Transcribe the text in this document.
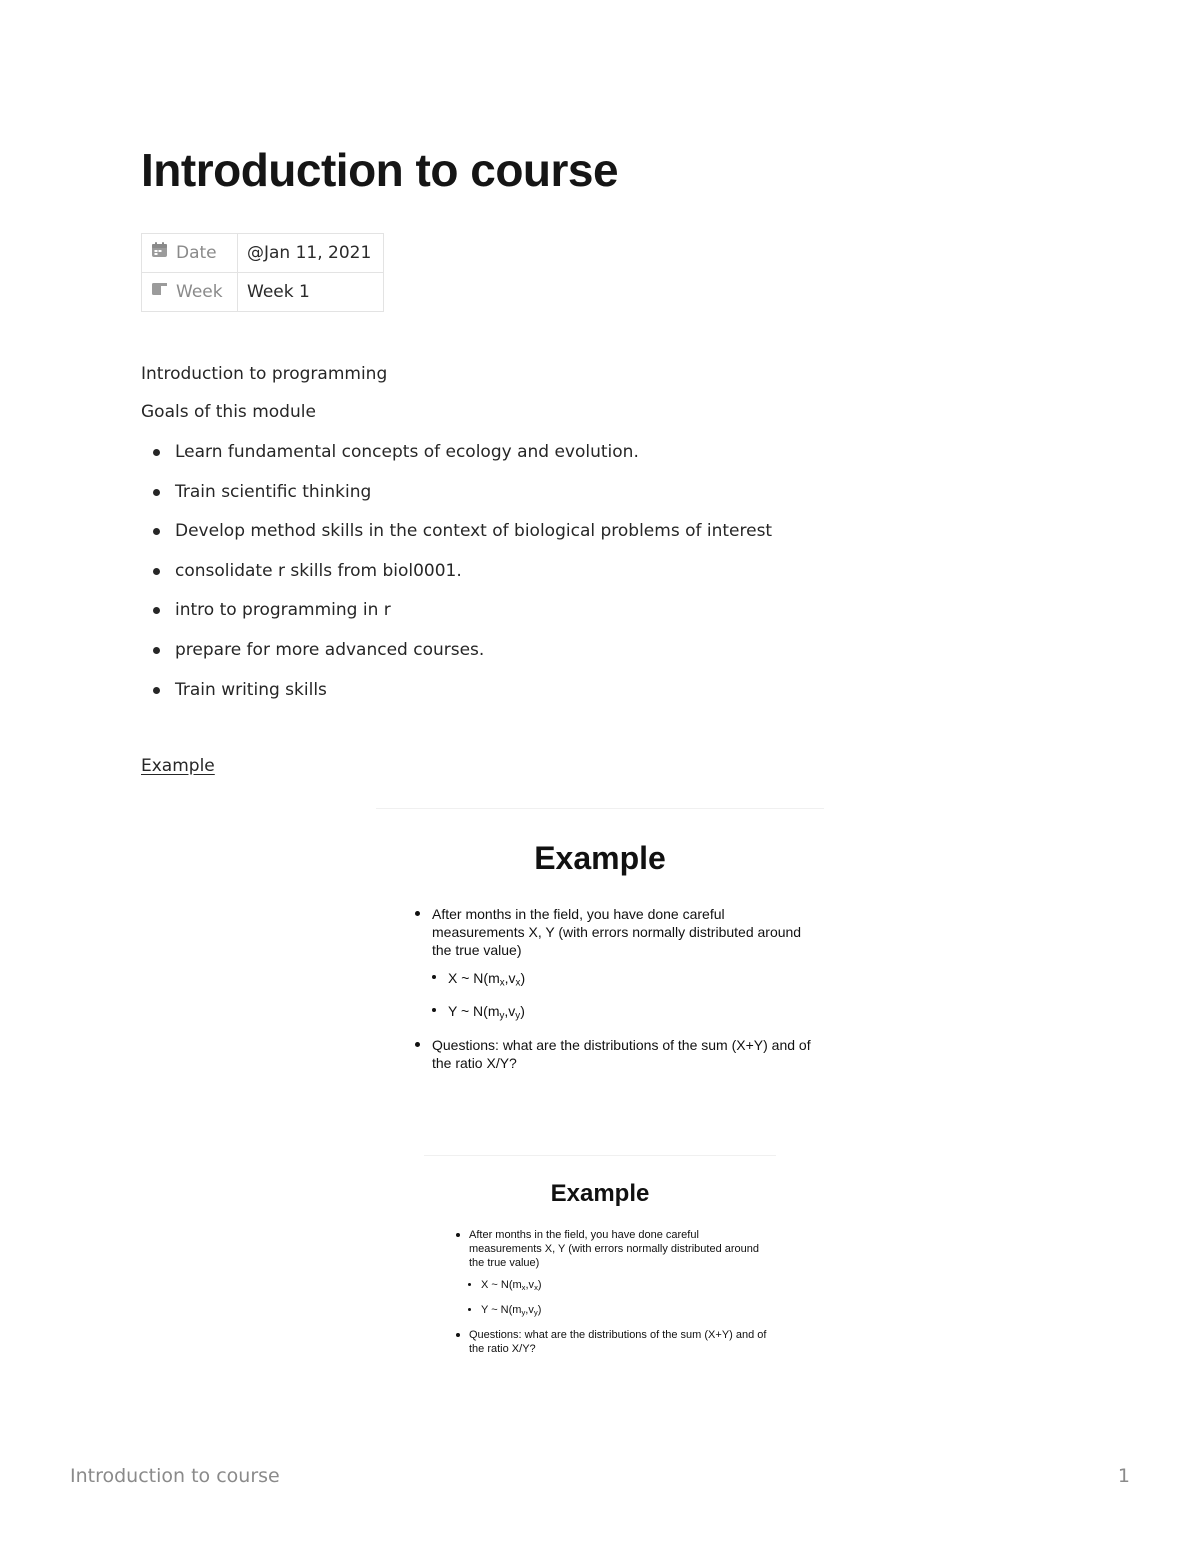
Introduction to course
Date	@Jan 11, 2021
Week	Week 1

Introduction to programming

Goals of this module

Learn fundamental concepts of ecology and evolution.
Train scientific thinking
Develop method skills in the context of biological problems of interest
consolidate r skills from biol0001.
intro to programming in r
prepare for more advanced courses.
Train writing skills
Example
Example
After months in the field, you have done careful measurements X, Y (with errors normally distributed around the true value)
X ~ $N(m_x,v_x)$
Y ~ $N(m_y,v_y)$
Questions: what are the distributions of the sum (X+Y) and of the ratio X/Y?
Example
After months in the field, you have done careful measurements X, Y (with errors normally distributed around the true value)
X ~ $N(m_x,v_x)$
Y ~ $N(m_y,v_y)$
Questions: what are the distributions of the sum (X+Y) and of the ratio X/Y?
Introduction to course	1
